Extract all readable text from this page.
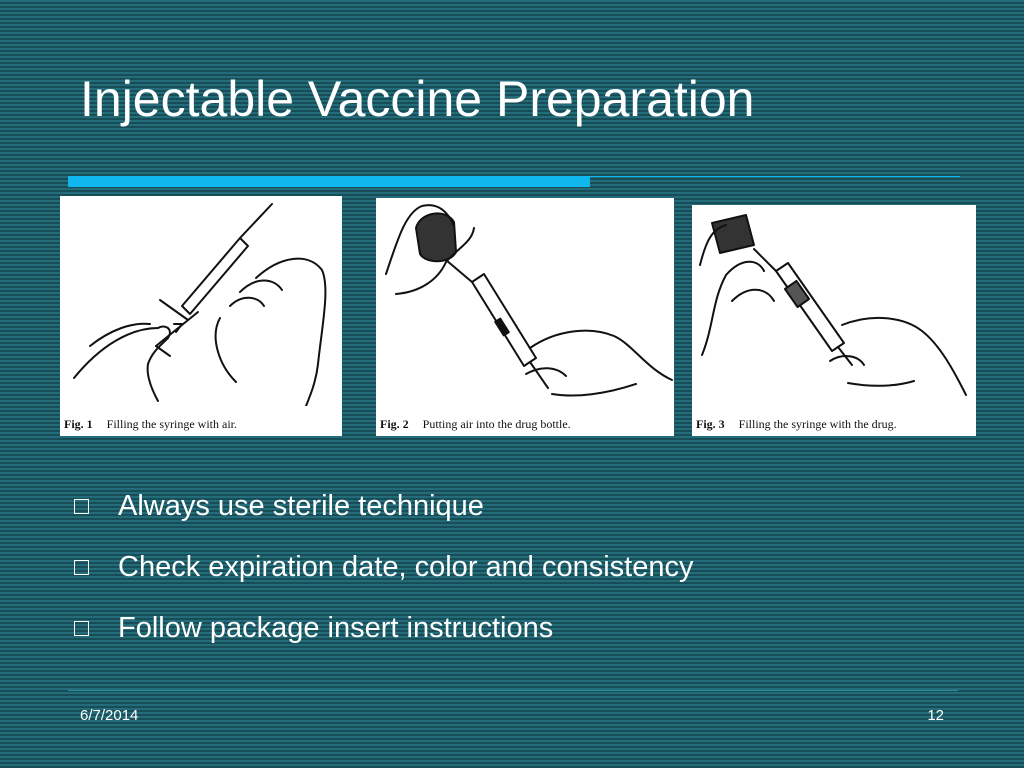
Injectable Vaccine Preparation
Fig. 1 Filling the syringe with air.	Fig. 2 Putting air into the drug bottle.	Fig. 3 Filling the syringe with the drug.
Always use sterile technique
Check expiration date, color and consistency
Follow package insert instructions
6/7/2014	12
